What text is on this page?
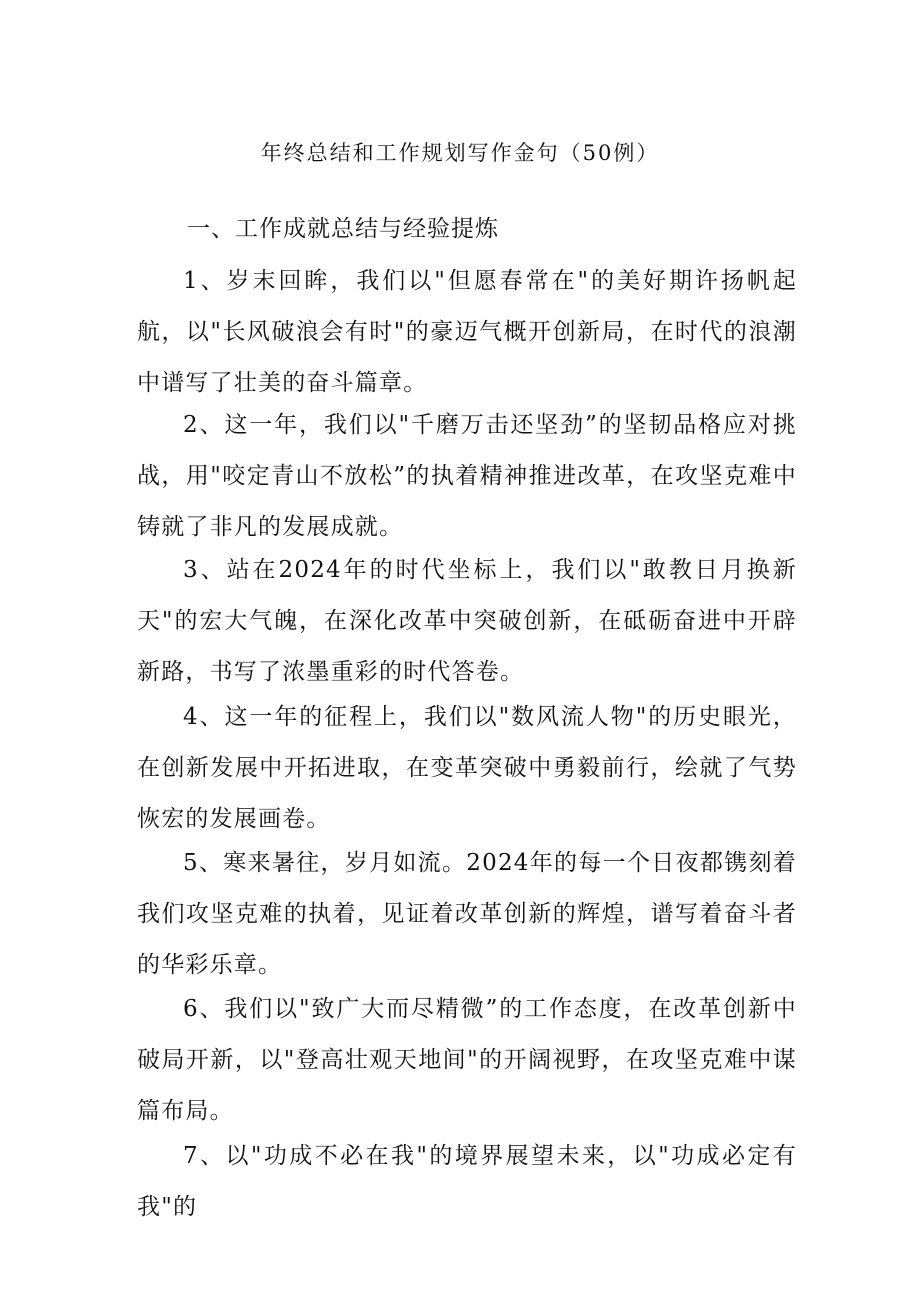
年终总结和工作规划写作金句（50例）
一、工作成就总结与经验提炼

1、岁末回眸，我们以"但愿春常在"的美好期许扬帆起航，以"长风破浪会有时"的豪迈气概开创新局，在时代的浪潮中谱写了壮美的奋斗篇章。

2、这一年，我们以"千磨万击还坚劲”的坚韧品格应对挑战，用"咬定青山不放松”的执着精神推进改革，在攻坚克难中铸就了非凡的发展成就。

3、站在2024年的时代坐标上，我们以"敢教日月换新天"的宏大气魄，在深化改革中突破创新，在砥砺奋进中开辟新路，书写了浓墨重彩的时代答卷。

4、这一年的征程上，我们以"数风流人物"的历史眼光，在创新发展中开拓进取，在变革突破中勇毅前行，绘就了气势恢宏的发展画卷。

5、寒来暑往，岁月如流。2024年的每一个日夜都镌刻着我们攻坚克难的执着，见证着改革创新的辉煌，谱写着奋斗者的华彩乐章。

6、我们以"致广大而尽精微”的工作态度，在改革创新中破局开新，以"登高壮观天地间"的开阔视野，在攻坚克难中谋篇布局。

7、以"功成不必在我"的境界展望未来，以"功成必定有我"的
